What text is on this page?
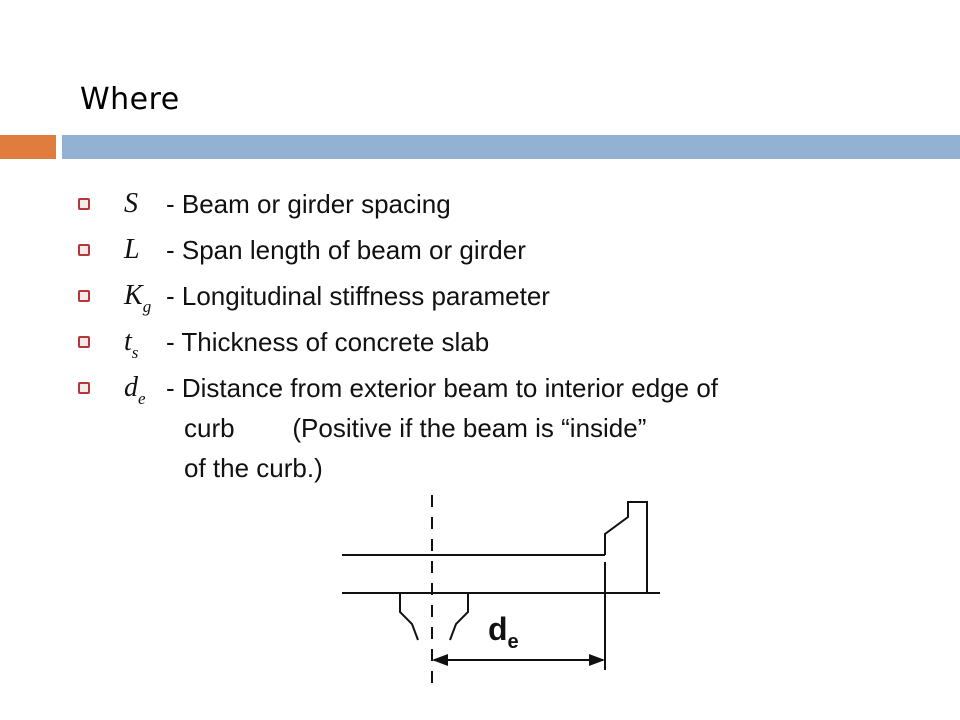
Where
S	- Beam or girder spacing
L	- Span length of beam or girder
$K_g$ - Longitudinal stiffness parameter
$t_s$	- Thickness of concrete slab
$d_e$ - Distance from exterior beam to interior edge of
curb        (Positive if the beam is “inside”
of the curb.)
$d_e$
